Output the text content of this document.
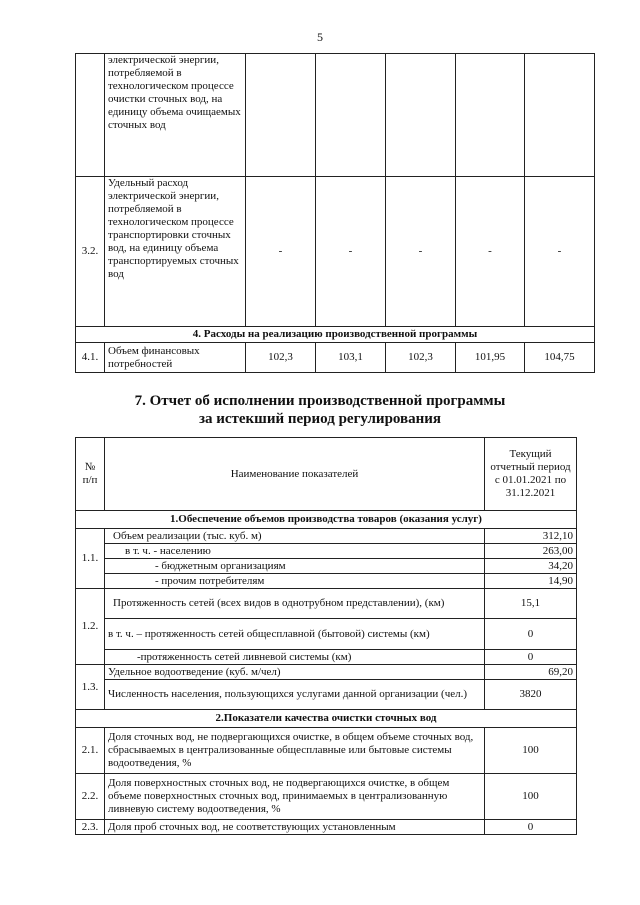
5
	электрической энергии, потребляемой в технологическом процессе очистки сточных вод, на единицу объема очищаемых сточных вод					
3.2.	Удельный расход электрической энергии, потребляемой в технологическом процессе транспортировки сточных вод, на единицу объема транспортируемых сточных вод	-	-	-	-	-
4. Расходы на реализацию производственной программы						
4.1.	Объем финансовых потребностей	102,3	103,1	102,3	101,95	104,75
7. Отчет об исполнении производственной программы
за истекший период регулирования
№ п/п	Наименование показателей	Текущий отчетный период с 01.01.2021 по 31.12.2021
1.Обеспечение объемов производства товаров (оказания услуг)		
1.1.	Объем реализации (тыс. куб. м)	312,10
	в т. ч. - населению	263,00
	- бюджетным организациям	34,20
	- прочим потребителям	14,90
1.2.	Протяженность сетей (всех видов в однотрубном представлении), (км)	15,1
	в т. ч. – протяженность сетей общесплавной (бытовой) системы (км)	0
	-протяженность сетей ливневой системы (км)	0
1.3.	Удельное водоотведение (куб. м/чел)	69,20
	Численность населения, пользующихся услугами данной организации (чел.)	3820
2.Показатели качества очистки сточных вод		
2.1.	Доля сточных вод, не подвергающихся очистке, в общем объеме сточных вод, сбрасываемых в централизованные общесплавные или бытовые системы водоотведения, %	100
2.2.	Доля поверхностных сточных вод, не подвергающихся очистке, в общем объеме поверхностных сточных вод, принимаемых в централизованную ливневую систему водоотведения, %	100
2.3.	Доля проб сточных вод, не соответствующих установленным	0
